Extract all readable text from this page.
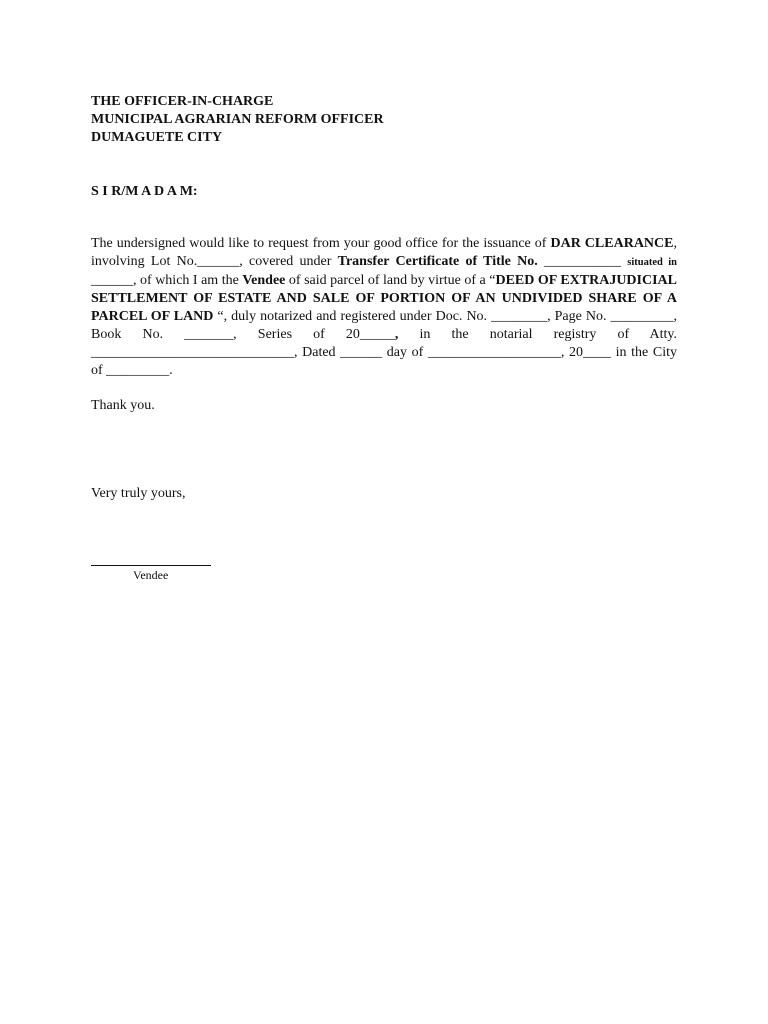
THE OFFICER-IN-CHARGE
MUNICIPAL AGRARIAN REFORM OFFICER
DUMAGUETE CITY
S I R/M A D A M:
The undersigned would like to request from your good office for the issuance of DAR CLEARANCE, involving Lot No.______, covered under Transfer Certificate of Title No. ___________ situated in ______, of which I am the Vendee of said parcel of land by virtue of a “DEED OF EXTRAJUDICIAL SETTLEMENT OF ESTATE AND SALE OF PORTION OF AN UNDIVIDED SHARE OF A PARCEL OF LAND “, duly notarized and registered under Doc. No. ________, Page No. _________, Book No. _______, Series of 20_____, in the notarial registry of Atty. _____________________________, Dated ______ day of ___________________, 20____ in the City of _________.
Thank you.
Very truly yours,
Vendee
